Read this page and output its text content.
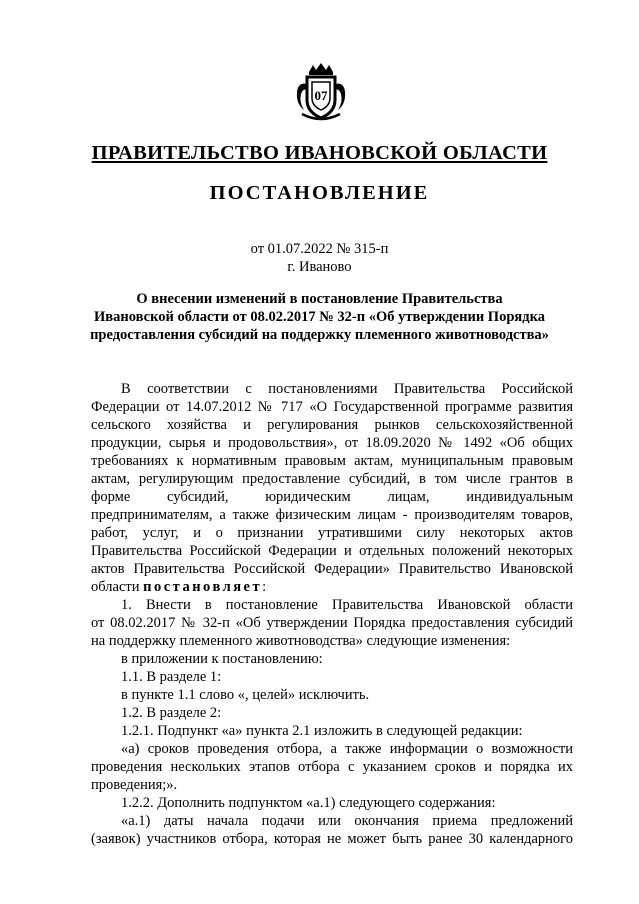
07
ПРАВИТЕЛЬСТВО ИВАНОВСКОЙ ОБЛАСТИ
ПОСТАНОВЛЕНИЕ
от 01.07.2022 № 315-п
г. Иваново
О внесении изменений в постановление Правительства
Ивановской области от 08.02.2017 № 32-п «Об утверждении Порядка
предоставления субсидий на поддержку племенного животноводства»
В соответствии с постановлениями Правительства Российской
Федерации от 14.07.2012 № 717 «О Государственной программе развития
сельского хозяйства и регулирования рынков сельскохозяйственной
продукции, сырья и продовольствия», от 18.09.2020 № 1492 «Об общих
требованиях к нормативным правовым актам, муниципальным правовым
актам, регулирующим предоставление субсидий, в том числе грантов в
форме субсидий, юридическим лицам, индивидуальным
предпринимателям, а также физическим лицам - производителям товаров,
работ, услуг, и о признании утратившими силу некоторых актов
Правительства Российской Федерации и отдельных положений некоторых
актов Правительства Российской Федерации» Правительство Ивановской
области постановляет:
1. Внести в постановление Правительства Ивановской области
от 08.02.2017 № 32-п «Об утверждении Порядка предоставления субсидий
на поддержку племенного животноводства» следующие изменения:
в приложении к постановлению:
1.1. В разделе 1:
в пункте 1.1 слово «, целей» исключить.
1.2. В разделе 2:
1.2.1. Подпункт «а» пункта 2.1 изложить в следующей редакции:
«а) сроков проведения отбора, а также информации о возможности
проведения нескольких этапов отбора с указанием сроков и порядка их
проведения;».
1.2.2. Дополнить подпунктом «а.1) следующего содержания:
«а.1) даты начала подачи или окончания приема предложений
(заявок) участников отбора, которая не может быть ранее 30 календарного
